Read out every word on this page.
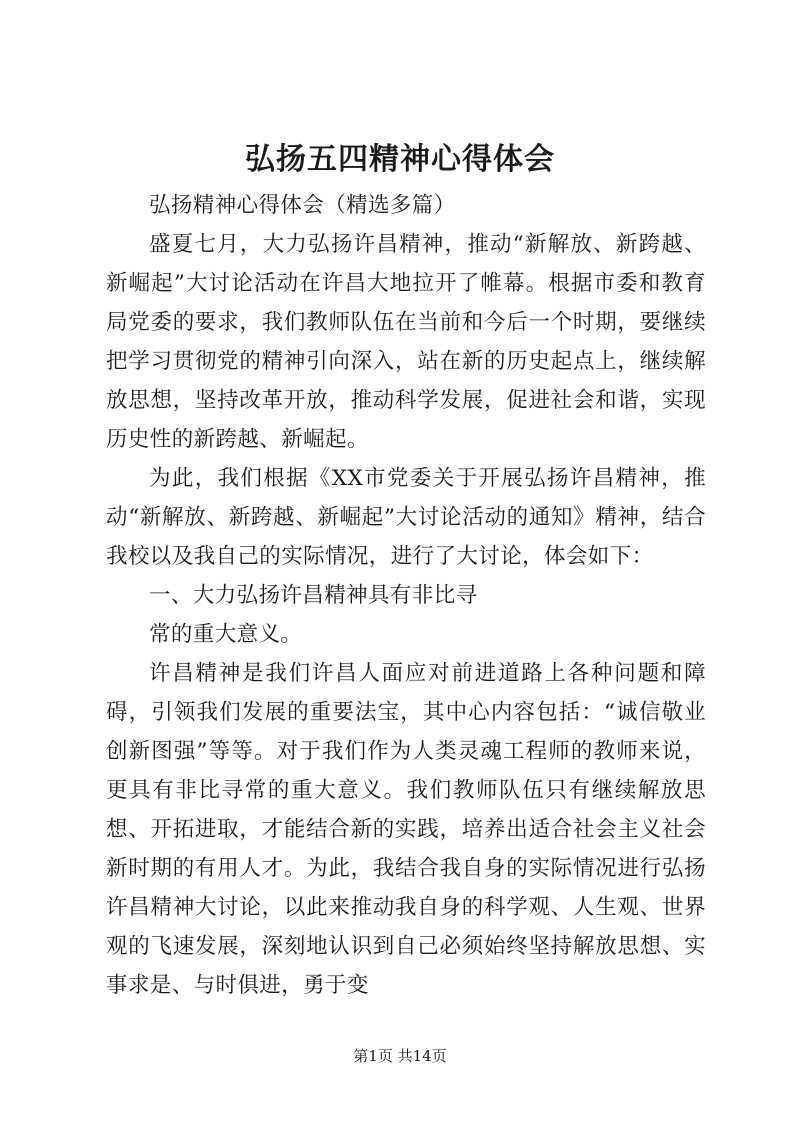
弘扬五四精神心得体会

弘扬精神心得体会（精选多篇）

盛夏七月，大力弘扬许昌精神，推动“新解放、新跨越、新崛起”大讨论活动在许昌大地拉开了帷幕。根据市委和教育局党委的要求，我们教师队伍在当前和今后一个时期，要继续把学习贯彻党的精神引向深入，站在新的历史起点上，继续解放思想，坚持改革开放，推动科学发展，促进社会和谐，实现历史性的新跨越、新崛起。

为此，我们根据《XX市党委关于开展弘扬许昌精神，推动“新解放、新跨越、新崛起”大讨论活动的通知》精神，结合我校以及我自己的实际情况，进行了大讨论，体会如下：

一、大力弘扬许昌精神具有非比寻

常的重大意义。

许昌精神是我们许昌人面应对前进道路上各种问题和障碍，引领我们发展的重要法宝，其中心内容包括：“诚信敬业创新图强”等等。对于我们作为人类灵魂工程师的教师来说，更具有非比寻常的重大意义。我们教师队伍只有继续解放思想、开拓进取，才能结合新的实践，培养出适合社会主义社会新时期的有用人才。为此，我结合我自身的实际情况进行弘扬许昌精神大讨论，以此来推动我自身的科学观、人生观、世界观的飞速发展，深刻地认识到自己必须始终坚持解放思想、实事求是、与时俱进，勇于变

第1页 共14页
